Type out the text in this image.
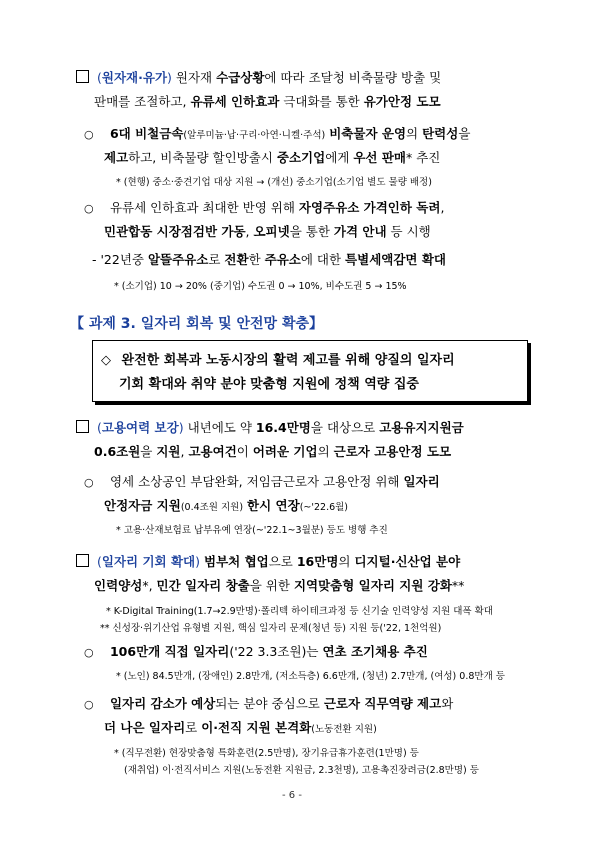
(원자재·유가) 원자재 수급상황에 따라 조달청 비축물량 방출 및
판매를 조절하고, 유류세 인하효과 극대화를 통한 유가안정 도모
○ 6대 비철금속(알루미늄·납·구리·아연·니켈·주석) 비축물자 운영의 탄력성을
제고하고, 비축물량 할인방출시 중소기업에게 우선 판매* 추진
* (현행) 중소·중견기업 대상 지원 → (개선) 중소기업(소기업 별도 물량 배정)
○ 유류세 인하효과 최대한 반영 위해 자영주유소 가격인하 독려,
민관합동 시장점검반 가동, 오피넷을 통한 가격 안내 등 시행
- '22년중 알뜰주유소로 전환한 주유소에 대한 특별세액감면 확대
* (소기업) 10 → 20% (중기업) 수도권 0 → 10%, 비수도권 5 → 15%
【 과제 3. 일자리 회복 및 안전망 확충】
◇ 완전한 회복과 노동시장의 활력 제고를 위해 양질의 일자리
기회 확대와 취약 분야 맞춤형 지원에 정책 역량 집중
(고용여력 보강) 내년에도 약 16.4만명을 대상으로 고용유지지원금
0.6조원을 지원, 고용여건이 어려운 기업의 근로자 고용안정 도모
○ 영세 소상공인 부담완화, 저임금근로자 고용안정 위해 일자리
안정자금 지원(0.4조원 지원) 한시 연장(~'22.6월)
* 고용·산재보험료 납부유예 연장(~'22.1~3월분) 등도 병행 추진
(일자리 기회 확대) 범부처 협업으로 16만명의 디지털·신산업 분야
인력양성*, 민간 일자리 창출을 위한 지역맞춤형 일자리 지원 강화**
* K-Digital Training(1.7→2.9만명)·폴리텍 하이테크과정 등 신기술 인력양성 지원 대폭 확대
** 신성장·위기산업 유형별 지원, 핵심 일자리 문제(청년 등) 지원 등('22, 1천억원)
○ 106만개 직접 일자리('22 3.3조원)는 연초 조기채용 추진
* (노인) 84.5만개, (장애인) 2.8만개, (저소득층) 6.6만개, (청년) 2.7만개, (여성) 0.8만개 등
○ 일자리 감소가 예상되는 분야 중심으로 근로자 직무역량 제고와
더 나은 일자리로 이·전직 지원 본격화(노동전환 지원)
* (직무전환) 현장맞춤형 특화훈련(2.5만명), 장기유급휴가훈련(1만명) 등
(재취업) 이·전직서비스 지원(노동전환 지원금, 2.3천명), 고용촉진장려금(2.8만명) 등
- 6 -
